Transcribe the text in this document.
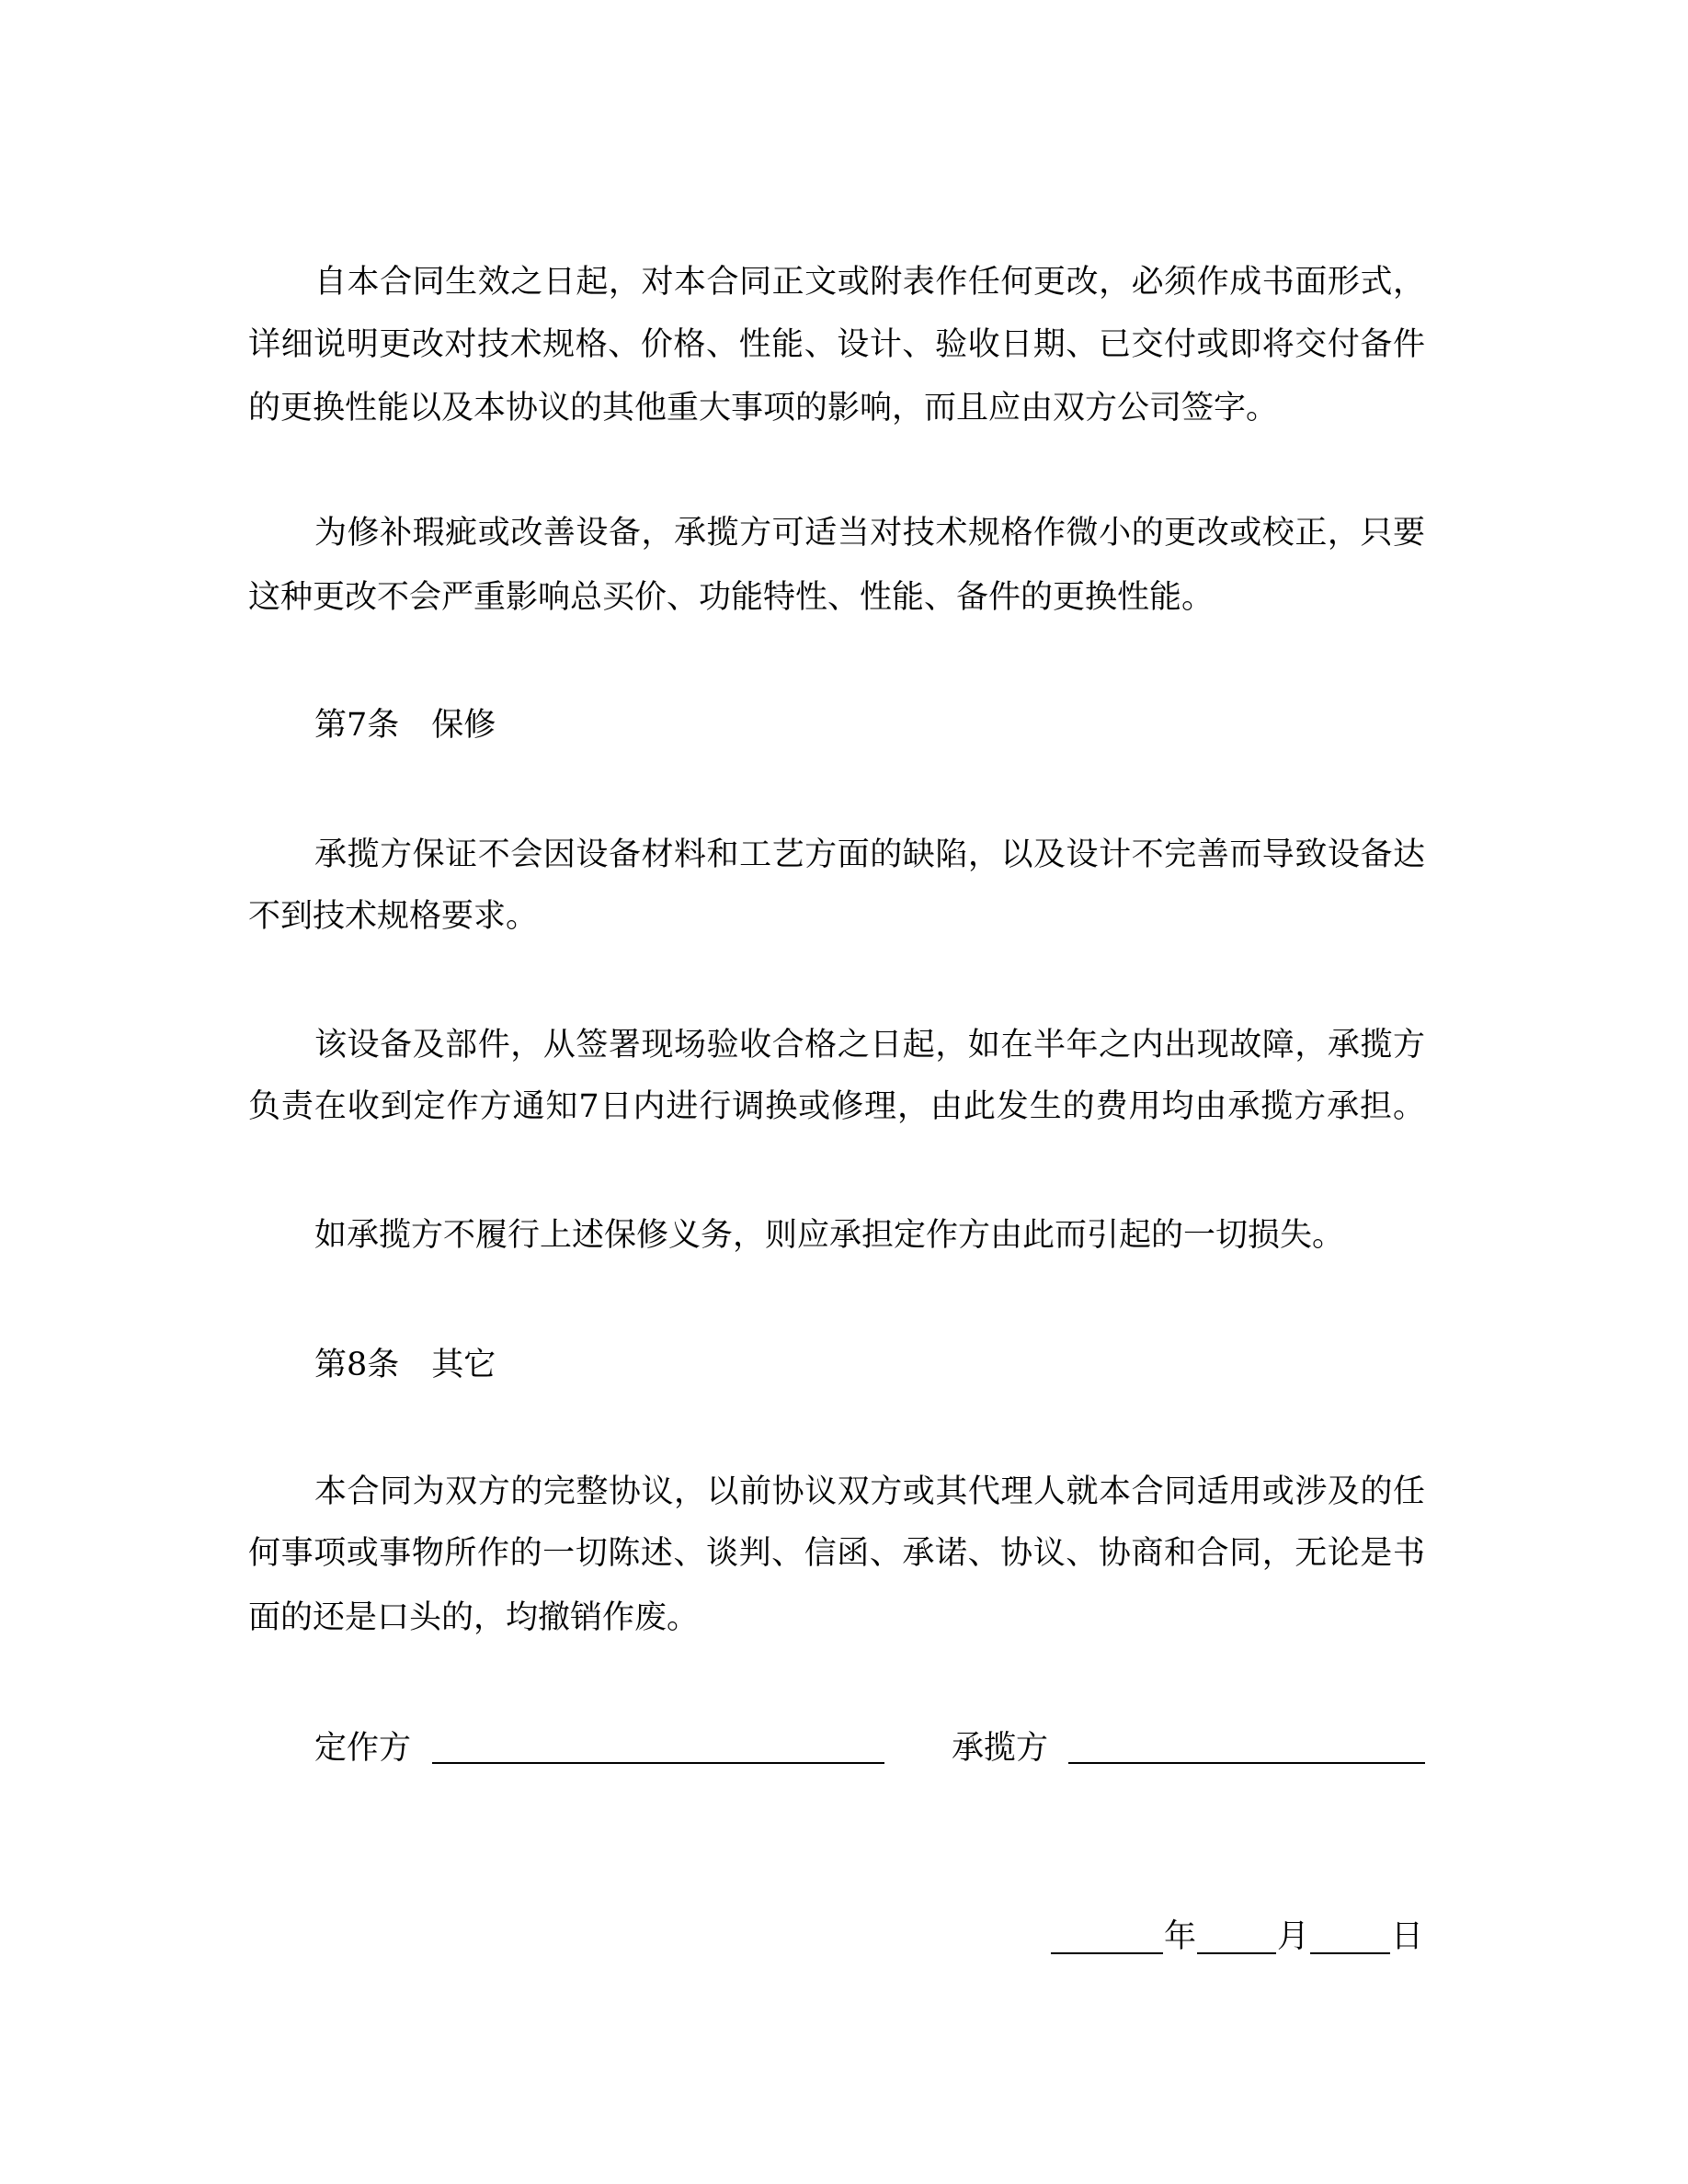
自本合同生效之日起，对本合同正文或附表作任何更改，必须作成书面形式，
详细说明更改对技术规格、价格、性能、设计、验收日期、已交付或即将交付备件
的更换性能以及本协议的其他重大事项的影响，而且应由双方公司签字。
为修补瑕疵或改善设备，承揽方可适当对技术规格作微小的更改或校正，只要
这种更改不会严重影响总买价、功能特性、性能、备件的更换性能。
第7条　保修
承揽方保证不会因设备材料和工艺方面的缺陷，以及设计不完善而导致设备达
不到技术规格要求。
该设备及部件，从签署现场验收合格之日起，如在半年之内出现故障，承揽方
负责在收到定作方通知7日内进行调换或修理，由此发生的费用均由承揽方承担。
如承揽方不履行上述保修义务，则应承担定作方由此而引起的一切损失。
第8条　其它
本合同为双方的完整协议，以前协议双方或其代理人就本合同适用或涉及的任
何事项或事物所作的一切陈述、谈判、信函、承诺、协议、协商和合同，无论是书
面的还是口头的，均撤销作废。
定作方	承揽方
年	月	日
